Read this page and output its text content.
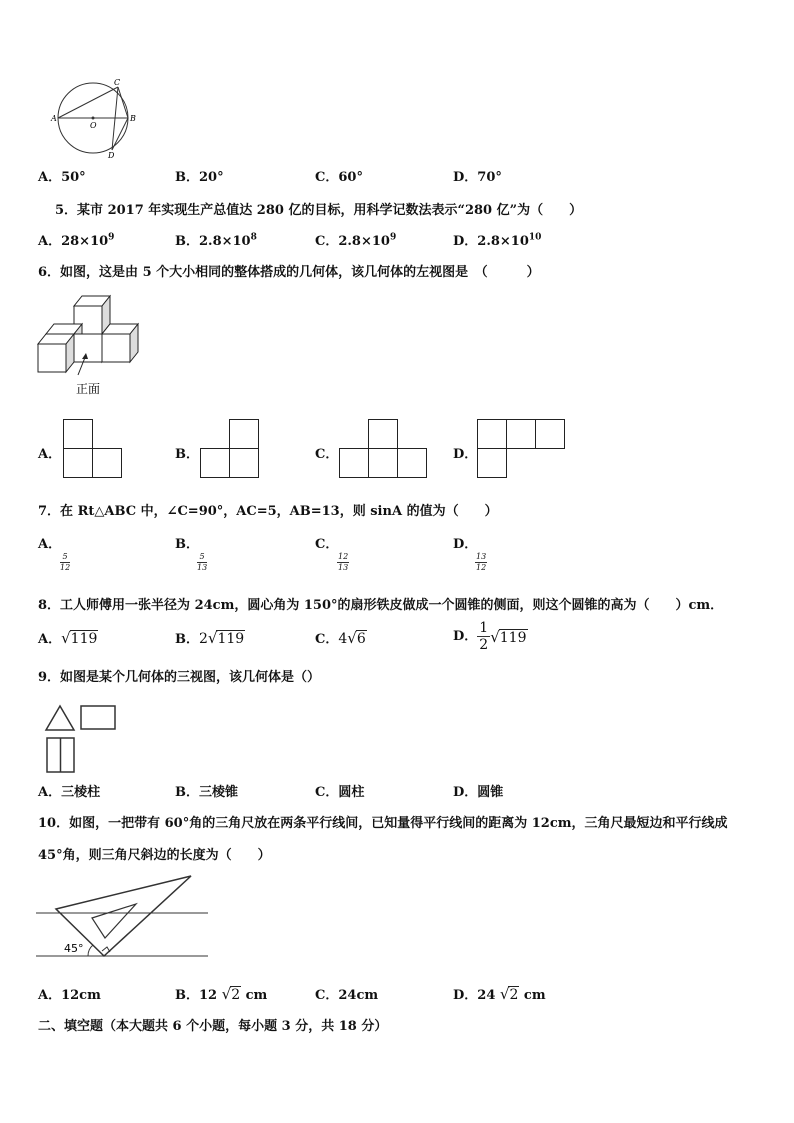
C
A
O
B
D
A．50°	B．20°	C．60°	D．70°
5．某市 2017 年实现生产总值达 280 亿的目标，用科学记数法表示“280 亿”为（　　）
A．$28\times 10^9$	B．$2.8\times 10^8$	C．$2.8\times 10^9$	D．$2.8\times 10^{10}$
6．如图，这是由 5 个大小相同的整体搭成的几何体，该几何体的左视图是　（　　　）
正面
A．	B．	C．	D．
7．在 Rt△ABC 中，∠C=90°，AC=5，AB=13，则 sinA 的值为（　　）
A．

$\frac{5}{12}$
B．

$\frac{5}{13}$
C．

$\frac{12}{13}$
D．

$\frac{13}{12}$
8．工人师傅用一张半径为 24cm，圆心角为 150°的扇形铁皮做成一个圆锥的侧面，则这个圆锥的高为（　　）cm．
A．√119	B．2√119	C．4√6	D． $\frac{1}{2}√119$
9．如图是某个几何体的三视图，该几何体是（）
A．三棱柱	B．三棱锥	C．圆柱	D．圆锥
10．如图，一把带有 60°角的三角尺放在两条平行线间，已知量得平行线间的距离为 12cm，三角尺最短边和平行线成
45°角，则三角尺斜边的长度为（　　）
45°
A．12cm	B．12 √2 cm	C．24cm	D．24 √2 cm
二、填空题（本大题共 6 个小题，每小题 3 分，共 18 分）
